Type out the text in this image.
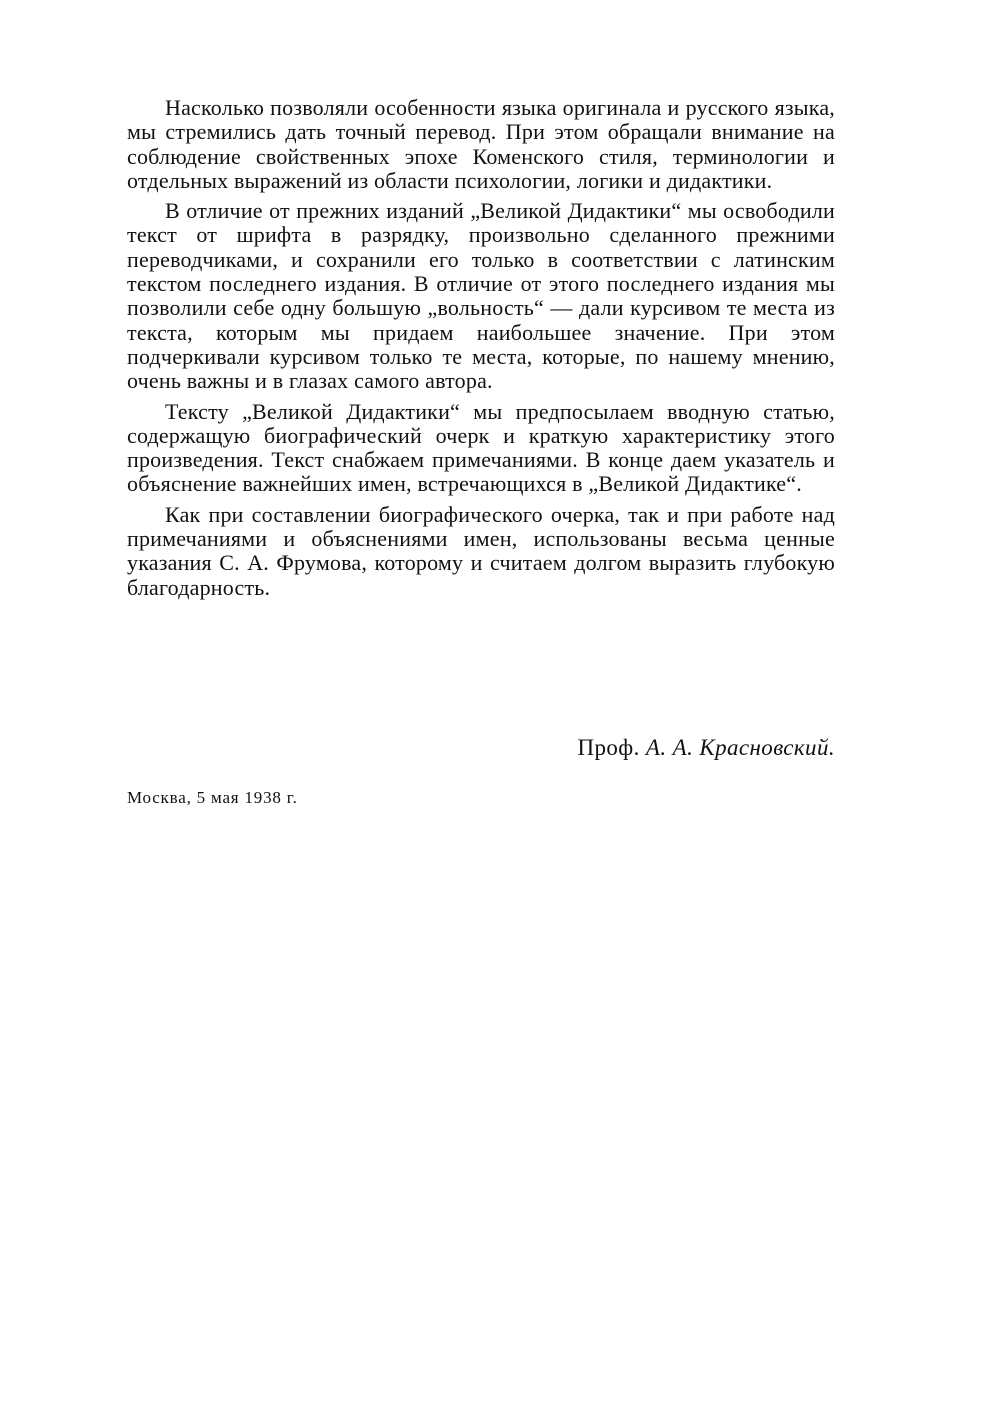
Насколько позволяли особенности языка оригинала и русского языка, мы стремились дать точный перевод. При этом обращали внимание на соблюдение свойственных эпохе Коменского стиля, терминологии и отдельных выражений из области психологии, логики и дидактики.

В отличие от прежних изданий „Великой Дидактики“ мы освободили текст от шрифта в разрядку, произвольно сделанного прежними переводчиками, и сохранили его только в соответствии с латинским текстом последнего издания. В отличие от этого последнего издания мы позволили себе одну большую „вольность“ — дали курсивом те места из текста, которым мы придаем наибольшее значение. При этом подчеркивали курсивом только те места, которые, по нашему мнению, очень важны и в глазах самого автора.

Тексту „Великой Дидактики“ мы предпосылаем вводную статью, содержащую биографический очерк и краткую характеристику этого произведения. Текст снабжаем примечаниями. В конце даем указатель и объяснение важнейших имен, встречающихся в „Великой Дидактике“.

Как при составлении биографического очерка, так и при работе над примечаниями и объяснениями имен, использованы весьма ценные указания С. А. Фрумова, которому и считаем долгом выразить глубокую благодарность.

Проф. А. А. Красновский.
Москва, 5 мая 1938 г.
